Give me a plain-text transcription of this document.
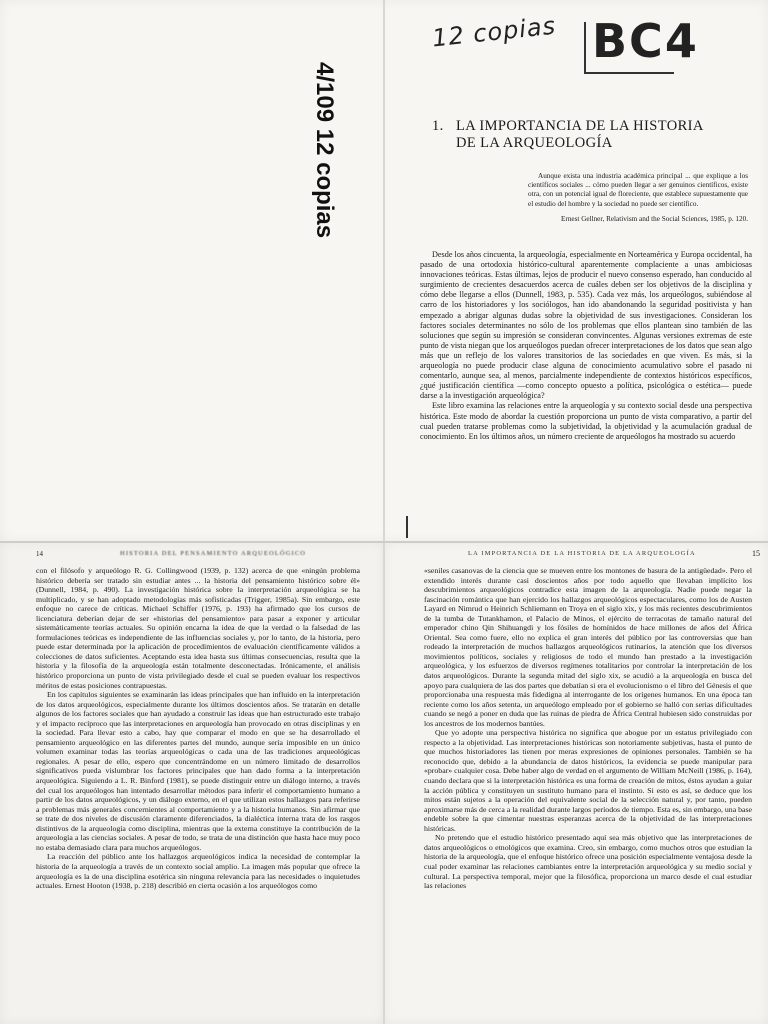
4/109 12 copias
12 copias BC4
1. LA IMPORTANCIA DE LA HISTORIA
DE LA ARQUEOLOGÍA

Aunque exista una industria académica principal ... que explique a los científicos sociales ... cómo pueden llegar a ser genuinos científicos, existe otra, con un potencial igual de floreciente, que establece supuestamente que el estudio del hombre y la sociedad no puede ser científico.

Ernest Gellner, Relativism and the Social Sciences, 1985, p. 120.

Desde los años cincuenta, la arqueología, especialmente en Norteamérica y Europa occidental, ha pasado de una ortodoxia histórico-cultural aparentemente complaciente a unas ambiciosas innovaciones teóricas. Estas últimas, lejos de producir el nuevo consenso esperado, han conducido al surgimiento de crecientes desacuerdos acerca de cuáles deben ser los objetivos de la disciplina y cómo debe llegarse a ellos (Dunnell, 1983, p. 535). Cada vez más, los arqueólogos, subiéndose al carro de los historiadores y los sociólogos, han ido abandonando la seguridad positivista y han empezado a abrigar algunas dudas sobre la objetividad de sus investigaciones. Consideran los factores sociales determinantes no sólo de los problemas que ellos plantean sino también de las soluciones que según su impresión se consideran convincentes. Algunas versiones extremas de este punto de vista niegan que los arqueólogos puedan ofrecer interpretaciones de los datos que sean algo más que un reflejo de los valores transitorios de las sociedades en que viven. Es más, si la arqueología no puede producir clase alguna de conocimiento acumulativo sobre el pasado ni comentarlo, aunque sea, al menos, parcialmente independiente de contextos históricos específicos, ¿qué justificación científica —como concepto opuesto a política, psicológica o estética— puede darse a la investigación arqueológica?

Este libro examina las relaciones entre la arqueología y su contexto social desde una perspectiva histórica. Este modo de abordar la cuestión proporciona un punto de vista comparativo, a partir del cual pueden tratarse problemas como la subjetividad, la objetividad y la acumulación gradual de conocimiento. En los últimos años, un número creciente de arqueólogos ha mostrado su acuerdo

14	HISTORIA DEL PENSAMIENTO ARQUEOLÓGICO

con el filósofo y arqueólogo R. G. Collingwood (1939, p. 132) acerca de que «ningún problema histórico debería ser tratado sin estudiar antes ... la historia del pensamiento histórico sobre él» (Dunnell, 1984, p. 490). La investigación histórica sobre la interpretación arqueológica se ha multiplicado, y se han adoptado metodologías más sofisticadas (Trigger, 1985a). Sin embargo, este enfoque no carece de críticas. Michael Schiffer (1976, p. 193) ha afirmado que los cursos de licenciatura deberían dejar de ser «historias del pensamiento» para pasar a exponer y articular sistemáticamente teorías actuales. Su opinión encarna la idea de que la verdad o la falsedad de las formulaciones teóricas es independiente de las influencias sociales y, por lo tanto, de la historia, pero puede estar determinada por la aplicación de procedimientos de evaluación científicamente válidos a colecciones de datos suficientes. Aceptando esta idea hasta sus últimas consecuencias, resulta que la historia y la filosofía de la arqueología están totalmente desconectadas. Irónicamente, el análisis histórico proporciona un punto de vista privilegiado desde el cual se pueden evaluar los respectivos méritos de estas posiciones contrapuestas.

En los capítulos siguientes se examinarán las ideas principales que han influido en la interpretación de los datos arqueológicos, especialmente durante los últimos doscientos años. Se tratarán en detalle algunos de los factores sociales que han ayudado a construir las ideas que han estructurado este trabajo y el impacto recíproco que las interpretaciones en arqueología han provocado en otras disciplinas y en la sociedad. Para llevar esto a cabo, hay que comparar el modo en que se ha desarrollado el pensamiento arqueológico en las diferentes partes del mundo, aunque sería imposible en un único volumen examinar todas las teorías arqueológicas o cada una de las tradiciones arqueológicas regionales. A pesar de ello, espero que concentrándome en un número limitado de desarrollos significativos pueda vislumbrar los factores principales que han dado forma a la interpretación arqueológica. Siguiendo a L. R. Binford (1981), se puede distinguir entre un diálogo interno, a través del cual los arqueólogos han intentado desarrollar métodos para inferir el comportamiento humano a partir de los datos arqueológicos, y un diálogo externo, en el que utilizan estos hallazgos para referirse a problemas más generales concernientes al comportamiento y a la historia humanos. Sin afirmar que se trate de dos niveles de discusión claramente diferenciados, la dialéctica interna trata de los rasgos distintivos de la arqueología como disciplina, mientras que la externa constituye la contribución de la arqueología a las ciencias sociales. A pesar de todo, se trata de una distinción que hasta hace muy poco no estaba demasiado clara para muchos arqueólogos.

La reacción del público ante los hallazgos arqueológicos indica la necesidad de contemplar la historia de la arqueología a través de un contexto social amplio. La imagen más popular que ofrece la arqueología es la de una disciplina esotérica sin ninguna relevancia para las necesidades o inquietudes actuales. Ernest Hooton (1938, p. 218) describió en cierta ocasión a los arqueólogos como

LA IMPORTANCIA DE LA HISTORIA DE LA ARQUEOLOGÍA	15

«seniles casanovas de la ciencia que se mueven entre los montones de basura de la antigüedad». Pero el extendido interés durante casi doscientos años por todo aquello que llevaban implícito los descubrimientos arqueológicos contradice esta imagen de la arqueología. Nadie puede negar la fascinación romántica que han ejercido los hallazgos arqueológicos espectaculares, como los de Austen Layard en Nimrud o Heinrich Schliemann en Troya en el siglo xix, y los más recientes descubrimientos de la tumba de Tutankhamon, el Palacio de Minos, el ejército de terracotas de tamaño natural del emperador chino Qin Shihuangdi y los fósiles de homínidos de hace millones de años del África Oriental. Sea como fuere, ello no explica el gran interés del público por las controversias que han rodeado la interpretación de muchos hallazgos arqueológicos rutinarios, la atención que los diversos movimientos políticos, sociales y religiosos de todo el mundo han prestado a la investigación arqueológica, y los esfuerzos de diversos regímenes totalitarios por controlar la interpretación de los datos arqueológicos. Durante la segunda mitad del siglo xix, se acudió a la arqueología en busca del apoyo para cualquiera de las dos partes que debatían si era el evolucionismo o el libro del Génesis el que proporcionaba una respuesta más fidedigna al interrogante de los orígenes humanos. En una época tan reciente como los años setenta, un arqueólogo empleado por el gobierno se halló con serias dificultades cuando se negó a poner en duda que las ruinas de piedra de África Central hubiesen sido construidas por los ancestros de los modernos bantúes.

Que yo adopte una perspectiva histórica no significa que abogue por un estatus privilegiado con respecto a la objetividad. Las interpretaciones históricas son notoriamente subjetivas, hasta el punto de que muchos historiadores las tienen por meras expresiones de opiniones personales. También se ha reconocido que, debido a la abundancia de datos históricos, la evidencia se puede manipular para «probar» cualquier cosa. Debe haber algo de verdad en el argumento de William McNeill (1986, p. 164), cuando declara que si la interpretación histórica es una forma de creación de mitos, éstos ayudan a guiar la acción pública y constituyen un sustituto humano para el instinto. Si esto es así, se deduce que los mitos están sujetos a la operación del equivalente social de la selección natural y, por tanto, pueden aproximarse más de cerca a la realidad durante largos períodos de tiempo. Esta es, sin embargo, una base endeble sobre la que cimentar nuestras esperanzas acerca de la objetividad de las interpretaciones históricas.

No pretendo que el estudio histórico presentado aquí sea más objetivo que las interpretaciones de datos arqueológicos o etnológicos que examina. Creo, sin embargo, como muchos otros que estudian la historia de la arqueología, que el enfoque histórico ofrece una posición especialmente ventajosa desde la cual poder examinar las relaciones cambiantes entre la interpretación arqueológica y su medio social y cultural. La perspectiva temporal, mejor que la filosófica, proporciona un marco desde el cual estudiar las relaciones
